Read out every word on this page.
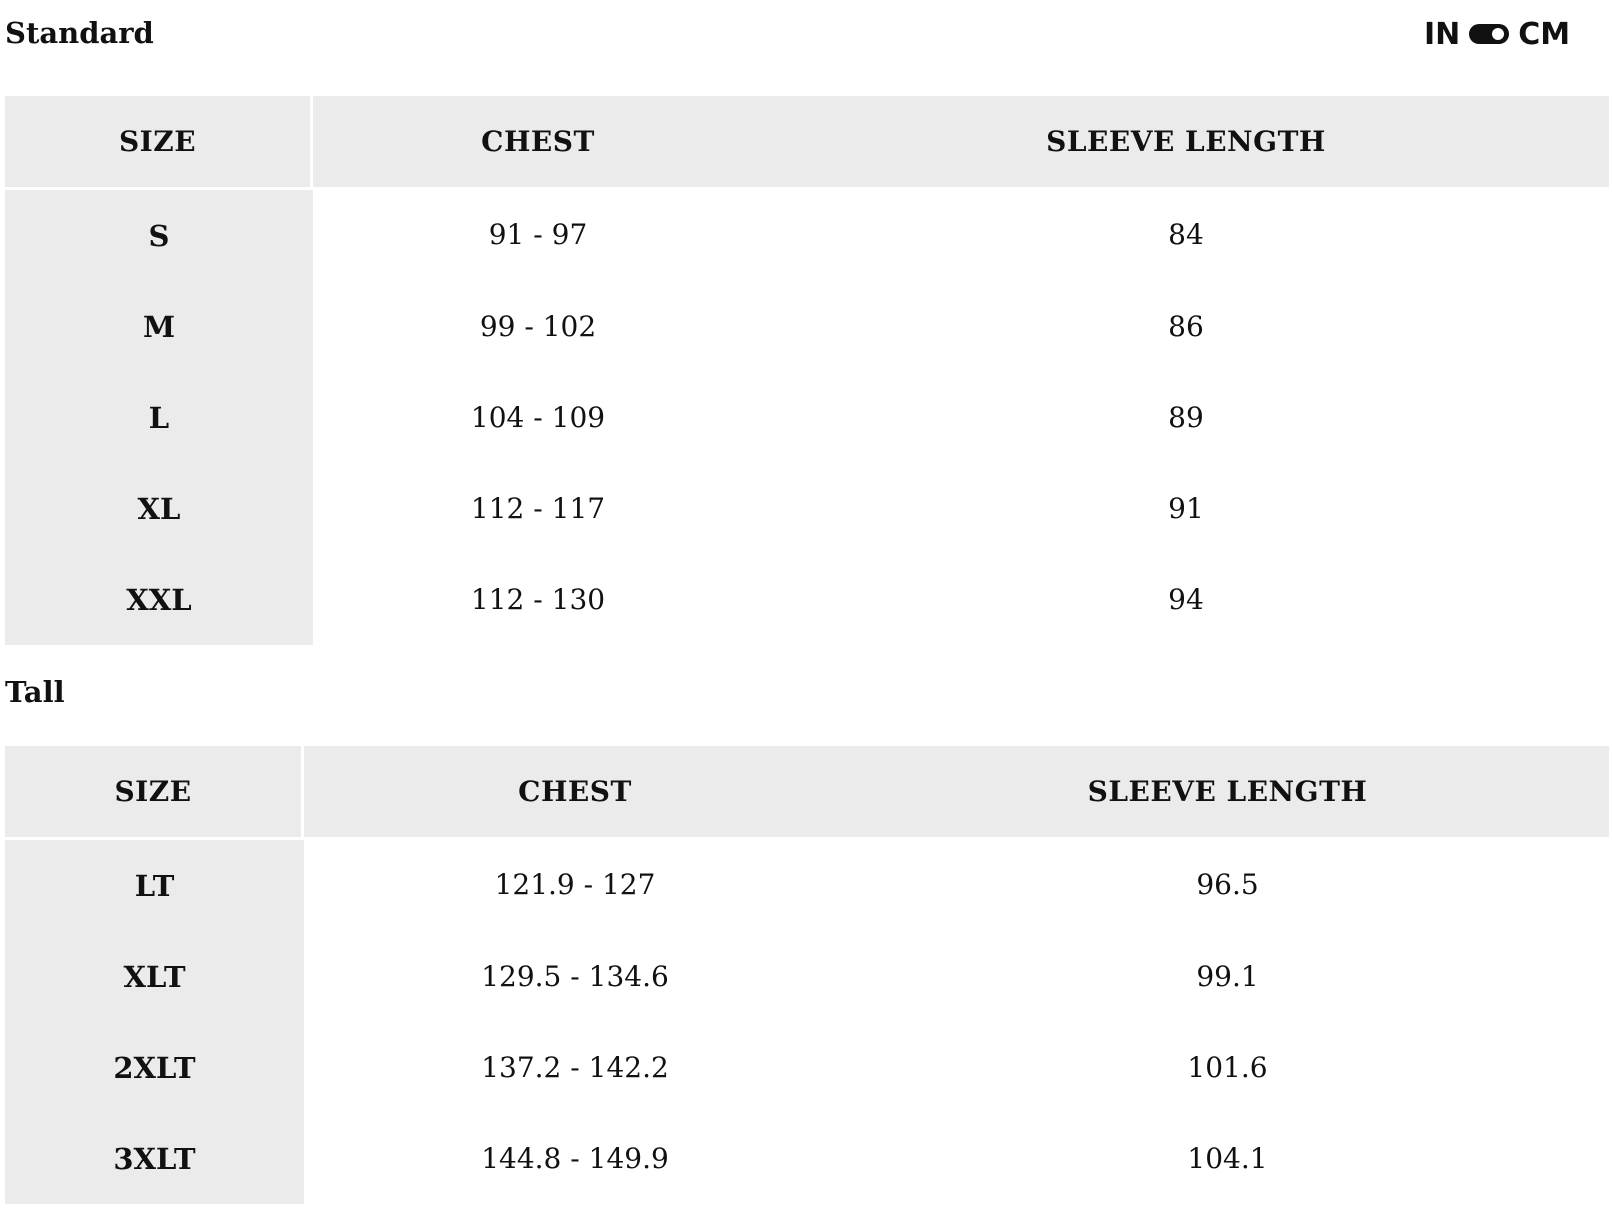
Standard	IN CM
SIZE	CHEST	SLEEVE LENGTH
S	91 - 97	84
M	99 - 102	86
L	104 - 109	89
XL	112 - 117	91
XXL	112 - 130	94
Tall
SIZE	CHEST	SLEEVE LENGTH
LT	121.9 - 127	96.5
XLT	129.5 - 134.6	99.1
2XLT	137.2 - 142.2	101.6
3XLT	144.8 - 149.9	104.1
